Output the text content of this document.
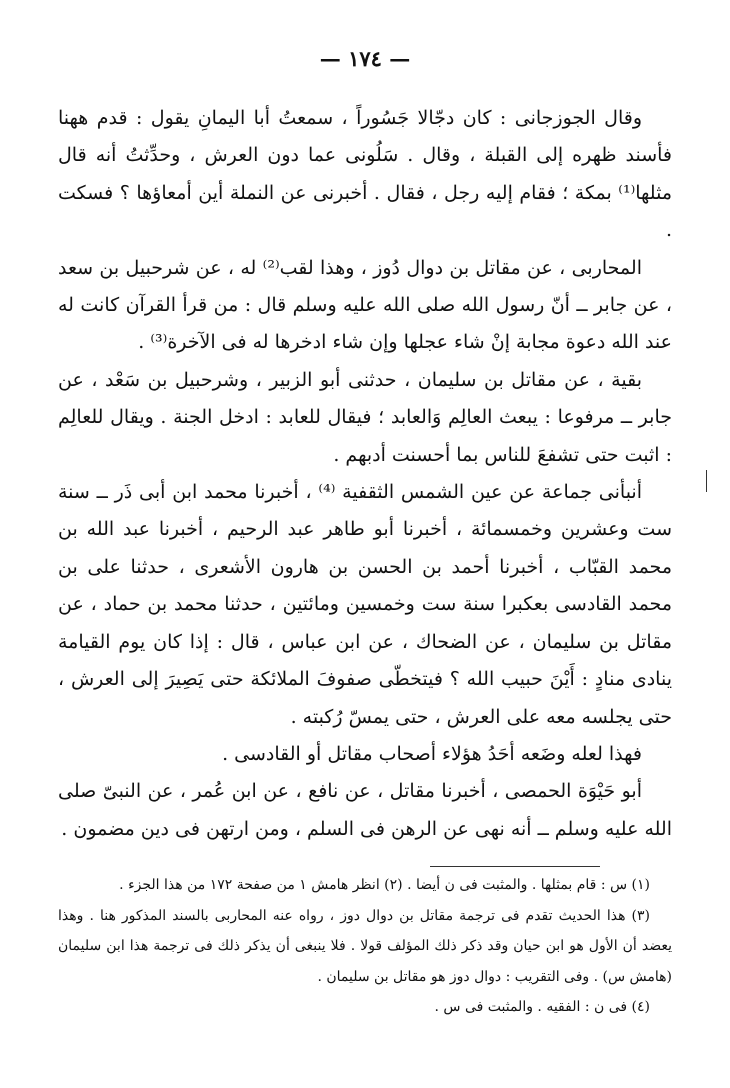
— ١٧٤ —

وقال الجوزجانى : كان دجّالا جَسُوراً ، سمعتُ أبا اليمانِ يقول : قدم ههنا فأسند ظهره إلى القبلة ، وقال . سَلُونى عما دون العرش ، وحدِّثتُ أنه قال مثلها⁽¹⁾ بمكة ؛ فقام إليه رجل ، فقال . أخبرنى عن النملة أين أمعاؤها ؟ فسكت .

المحاربى ، عن مقاتل بن دوال دُوز ، وهذا لقب⁽²⁾ له ، عن شرحبيل بن سعد ، عن جابر ــ أنّ رسول الله صلى الله عليه وسلم قال : من قرأ القرآن كانت له عند الله دعوة مجابة إنْ شاء عجلها وإن شاء ادخرها له فى الآخرة⁽³⁾ .

بقية ، عن مقاتل بن سليمان ، حدثنى أبو الزبير ، وشرحبيل بن سَعْد ، عن جابر ــ مرفوعا : يبعث العالِم وَالعابد ؛ فيقال للعابد : ادخل الجنة . ويقال للعالِم : اثبت حتى تشفعَ للناس بما أحسنت أدبهم .

أنبأنى جماعة عن عين الشمس الثقفية ⁽⁴⁾ ، أخبرنا محمد ابن أبى ذَر ــ سنة ست وعشرين وخمسمائة ، أخبرنا أبو طاهر عبد الرحيم ، أخبرنا عبد الله بن محمد القبّاب ، أخبرنا أحمد بن الحسن بن هارون الأشعرى ، حدثنا على بن محمد القادسى بعكبرا سنة ست وخمسين ومائتين ، حدثنا محمد بن حماد ، عن مقاتل بن سليمان ، عن الضحاك ، عن ابن عباس ، قال : إذا كان يوم القيامة ينادى منادٍ : أَيْنَ حبيب الله ؟ فيتخطّى صفوفَ الملائكة حتى يَصِيرَ إلى العرش ، حتى يجلسه معه على العرش ، حتى يمسّ رُكبته .

فهذا لعله وضَعه أحَدُ هؤلاء أصحاب مقاتل أو القادسى .

أبو حَيْوَة الحمصى ، أخبرنا مقاتل ، عن نافع ، عن ابن عُمر ، عن النبىّ صلى الله عليه وسلم ــ أنه نهى عن الرهن فى السلم ، ومن ارتهن فى دين مضمون .

(١) س : قام بمثلها . والمثبت فى ن أيضا . (٢) انظر هامش ١ من صفحة ١٧٢ من هذا الجزء .

(٣) هذا الحديث تقدم فى ترجمة مقاتل بن دوال دوز ، رواه عنه المحاربى بالسند المذكور هنا . وهذا يعضد أن الأول هو ابن حيان وقد ذكر ذلك المؤلف قولا . فلا ينبغى أن يذكر ذلك فى ترجمة هذا ابن سليمان (هامش س) . وفى التقريب : دوال دوز هو مقاتل بن سليمان .

(٤) فى ن : الفقيه . والمثبت فى س .
